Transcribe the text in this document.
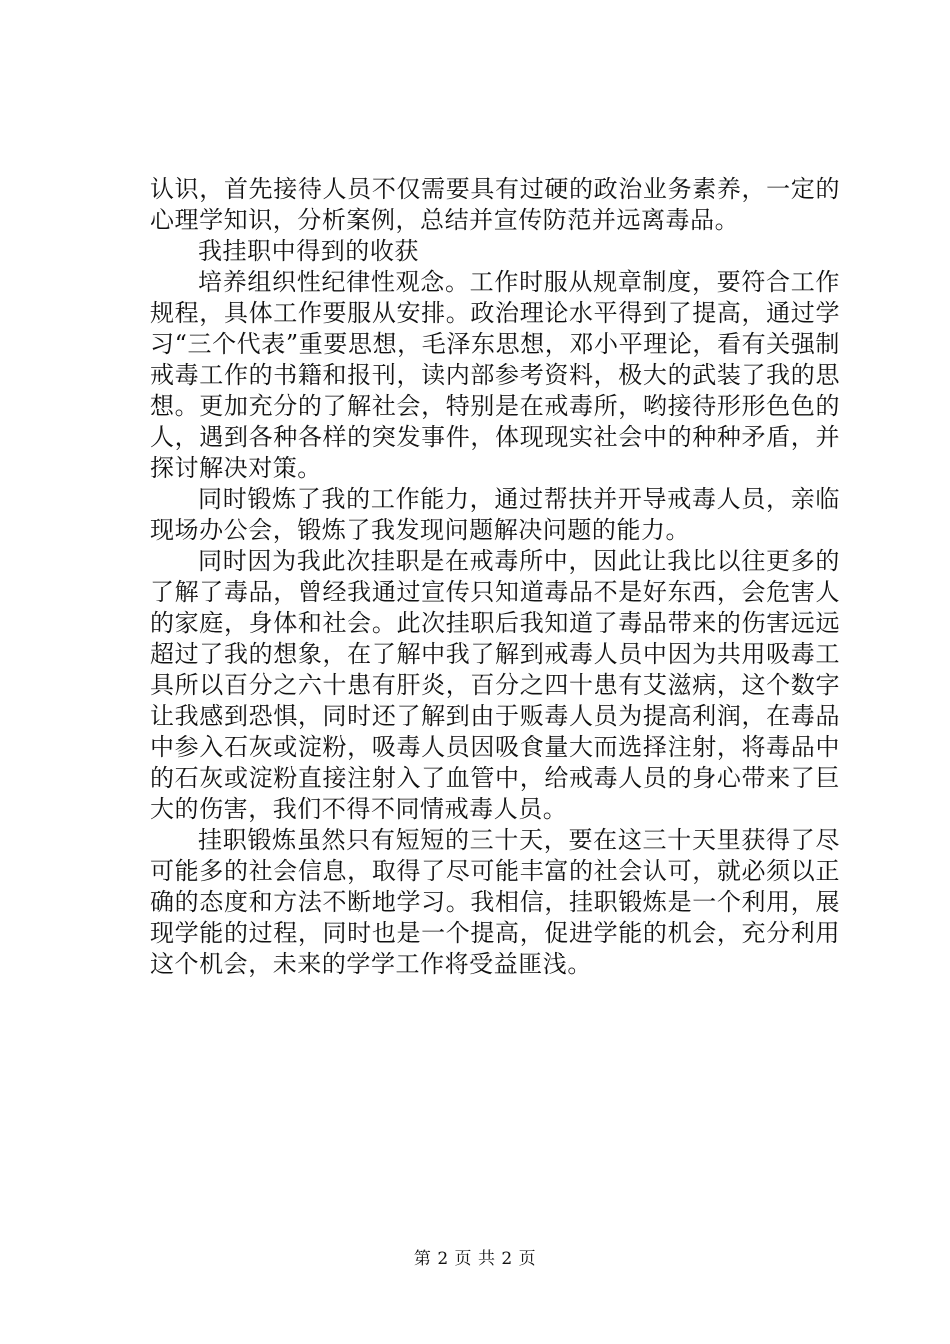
认识，首先接待人员不仅需要具有过硬的政治业务素养，一定的心理学知识，分析案例，总结并宣传防范并远离毒品。

我挂职中得到的收获

培养组织性纪律性观念。工作时服从规章制度，要符合工作规程，具体工作要服从安排。政治理论水平得到了提高，通过学习“三个代表”重要思想，毛泽东思想，邓小平理论，看有关强制戒毒工作的书籍和报刊，读内部参考资料，极大的武装了我的思想。更加充分的了解社会，特别是在戒毒所，哟接待形形色色的人，遇到各种各样的突发事件，体现现实社会中的种种矛盾，并探讨解决对策。

同时锻炼了我的工作能力，通过帮扶并开导戒毒人员，亲临现场办公会，锻炼了我发现问题解决问题的能力。

同时因为我此次挂职是在戒毒所中，因此让我比以往更多的了解了毒品，曾经我通过宣传只知道毒品不是好东西，会危害人的家庭，身体和社会。此次挂职后我知道了毒品带来的伤害远远超过了我的想象，在了解中我了解到戒毒人员中因为共用吸毒工具所以百分之六十患有肝炎，百分之四十患有艾滋病，这个数字让我感到恐惧，同时还了解到由于贩毒人员为提高利润，在毒品中参入石灰或淀粉，吸毒人员因吸食量大而选择注射，将毒品中的石灰或淀粉直接注射入了血管中，给戒毒人员的身心带来了巨大的伤害，我们不得不同情戒毒人员。

挂职锻炼虽然只有短短的三十天，要在这三十天里获得了尽可能多的社会信息，取得了尽可能丰富的社会认可，就必须以正确的态度和方法不断地学习。我相信，挂职锻炼是一个利用，展现学能的过程，同时也是一个提高，促进学能的机会，充分利用这个机会，未来的学学工作将受益匪浅。

第 2 页 共 2 页
